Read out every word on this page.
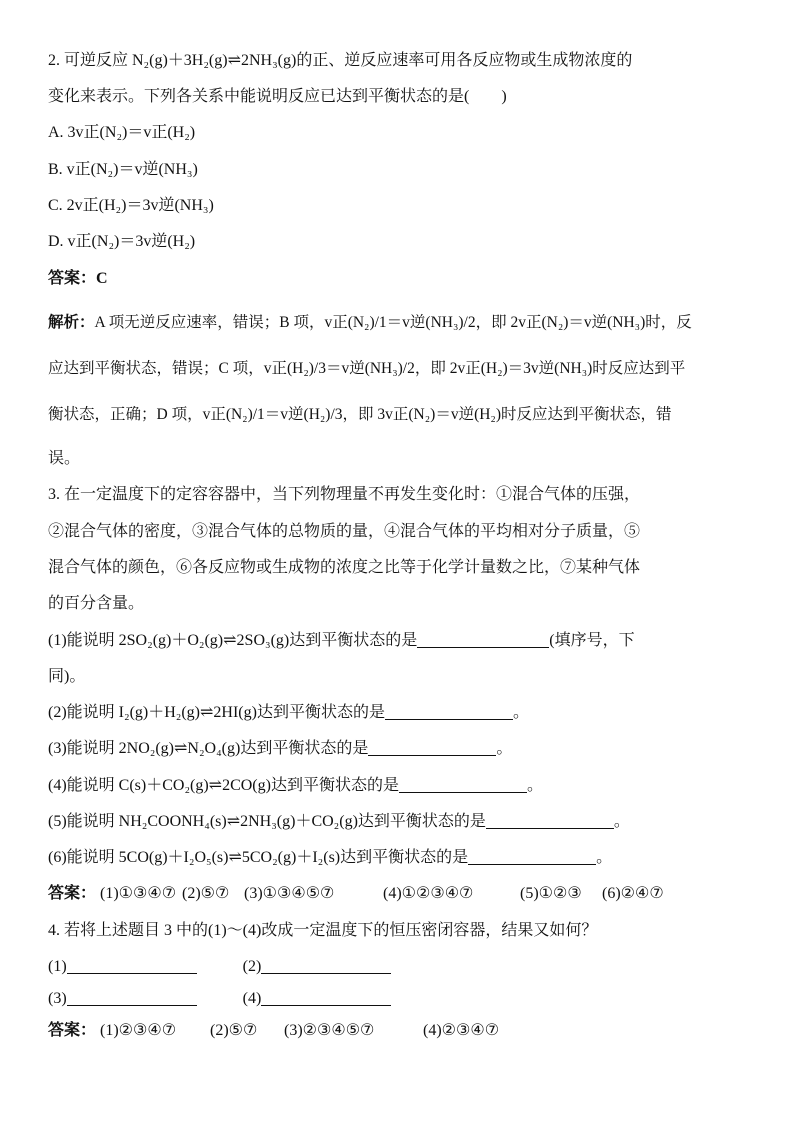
2. 可逆反应 N₂(g)＋3H₂(g)⇌2NH₃(g)的正、逆反应速率可用各反应物或生成物浓度的
变化来表示。下列各关系中能说明反应已达到平衡状态的是(　　)
A. 3v正(N₂)＝v正(H₂)
B. v正(N₂)＝v逆(NH₃)
C. 2v正(H₂)＝3v逆(NH₃)
D. v正(N₂)＝3v逆(H₂)
答案：C
解析：A 项无逆反应速率，错误；B 项，v正(N₂)/1＝v逆(NH₃)/2，即 2v正(N₂)＝v逆(NH₃)时，反
应达到平衡状态，错误；C 项，v正(H₂)/3＝v逆(NH₃)/2，即 2v正(H₂)＝3v逆(NH₃)时反应达到平
衡状态，正确；D 项，v正(N₂)/1＝v逆(H₂)/3，即 3v正(N₂)＝v逆(H₂)时反应达到平衡状态，错
误。
3. 在一定温度下的定容容器中，当下列物理量不再发生变化时：①混合气体的压强，
②混合气体的密度，③混合气体的总物质的量，④混合气体的平均相对分子质量，⑤
混合气体的颜色，⑥各反应物或生成物的浓度之比等于化学计量数之比，⑦某种气体
的百分含量。
(1)能说明 2SO₂(g)＋O₂(g)⇌2SO₃(g)达到平衡状态的是	(填序号，下
同)。
(2)能说明 I₂(g)＋H₂(g)⇌2HI(g)达到平衡状态的是	。
(3)能说明 2NO₂(g)⇌N₂O₄(g)达到平衡状态的是	。
(4)能说明 C(s)＋CO₂(g)⇌2CO(g)达到平衡状态的是	。
(5)能说明 NH₂COONH₄(s)⇌2NH₃(g)＋CO₂(g)达到平衡状态的是	。
(6)能说明 5CO(g)＋I₂O₅(s)⇌5CO₂(g)＋I₂(s)达到平衡状态的是	。
答案： (1)①③④⑦ (2)⑤⑦ (3)①③④⑤⑦	(4)①②③④⑦	(5)①②③ (6)②④⑦
4. 若将上述题目 3 中的(1)～(4)改成一定温度下的恒压密闭容器，结果又如何？
(1)	(2)
(3)	(4)
答案： (1)②③④⑦ (2)⑤⑦ (3)②③④⑤⑦	(4)②③④⑦
